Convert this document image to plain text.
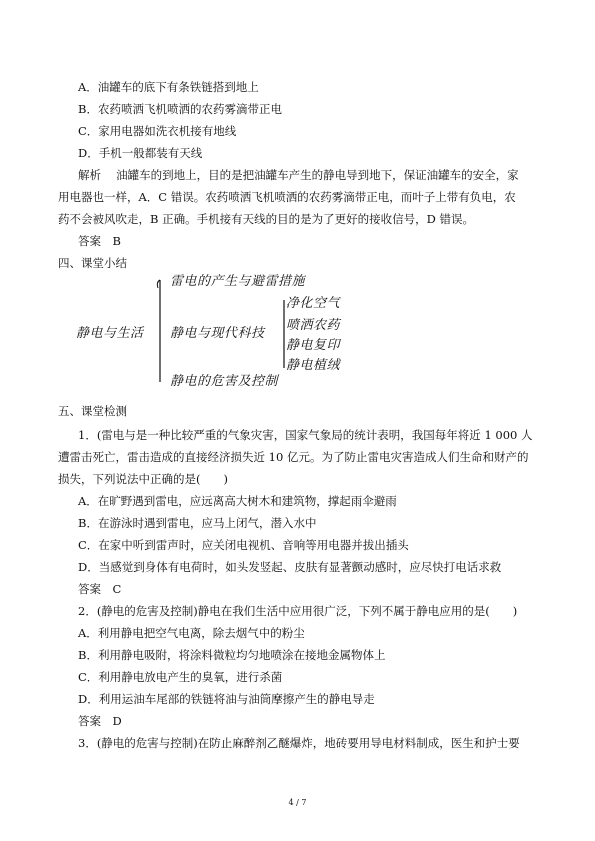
A．油罐车的底下有条铁链搭到地上
B．农药喷洒飞机喷洒的农药雾滴带正电
C．家用电器如洗衣机接有地线
D．手机一般都装有天线
解析　 油罐车的到地上，目的是把油罐车产生的静电导到地下，保证油罐车的安全，家
用电器也一样，A．C 错误。农药喷洒飞机喷洒的农药雾滴带正电，而叶子上带有负电，农
药不会被风吹走，B 正确。手机接有天线的目的是为了更好的接收信号，D 错误。
答案　B
四、课堂小结
静电与生活
雷电的产生与避雷措施
静电与现代科技
静电的危害及控制
净化空气
喷洒农药
静电复印
静电植绒
五、课堂检测
1．(雷电与是一种比较严重的气象灾害，国家气象局的统计表明，我国每年将近 1 000 人
遭雷击死亡，雷击造成的直接经济损失近 10 亿元。为了防止雷电灾害造成人们生命和财产的
损失，下列说法中正确的是(　　)
A．在旷野遇到雷电，应远离高大树木和建筑物，撑起雨伞避雨
B．在游泳时遇到雷电，应马上闭气，潜入水中
C．在家中听到雷声时，应关闭电视机、音响等用电器并拔出插头
D．当感觉到身体有电荷时，如头发竖起、皮肤有显著颤动感时，应尽快打电话求救
答案　C
2．(静电的危害及控制)静电在我们生活中应用很广泛，下列不属于静电应用的是(　　)
A．利用静电把空气电离，除去烟气中的粉尘
B．利用静电吸附，将涂料微粒均匀地喷涂在接地金属物体上
C．利用静电放电产生的臭氧，进行杀菌
D．利用运油车尾部的铁链将油与油筒摩擦产生的静电导走
答案　D
3．(静电的危害与控制)在防止麻醉剂乙醚爆炸，地砖要用导电材料制成，医生和护士要
4 / 7
